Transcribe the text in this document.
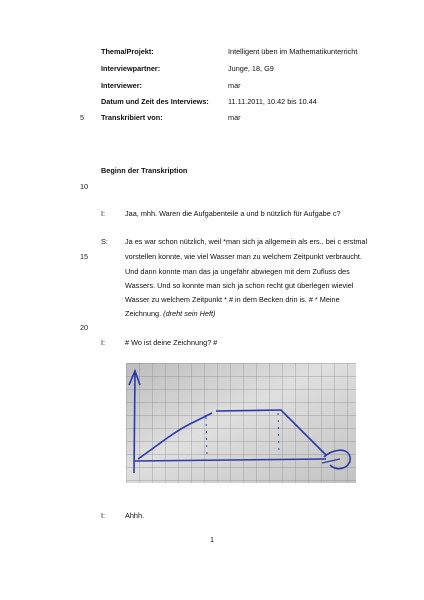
Thema/Projekt:	Intelligent üben im Mathematikunterricht
Interviewpartner:	Junge, 18, G9
Interviewer:	mar
Datum und Zeit des Interviews:	11.11.2011, 10.42 bis 10.44
5 Transkribiert von:	mar
Beginn der Transkription
10
I:	Jaa, mhh. Waren die Aufgabenteile a und b nützlich für Aufgabe c?
S: Ja es war schon nützlich, weil *man sich ja allgemein als ers.. bei c erstmal
15	vorstellen konnte, wie viel Wasser man zu welchem Zeitpunkt verbraucht.
Und dann konnte man das ja ungefähr abwiegen mit dem Zufluss des
Wassers. Und so konnte man sich ja schon recht gut überlegen wieviel
Wasser zu welchem Zeitpunkt * # in dem Becken drin is. # * Meine
Zeichnung. (dreht sein Heft)
20
I:	# Wo ist deine Zeichnung? #
I:	Ahhh.
1
